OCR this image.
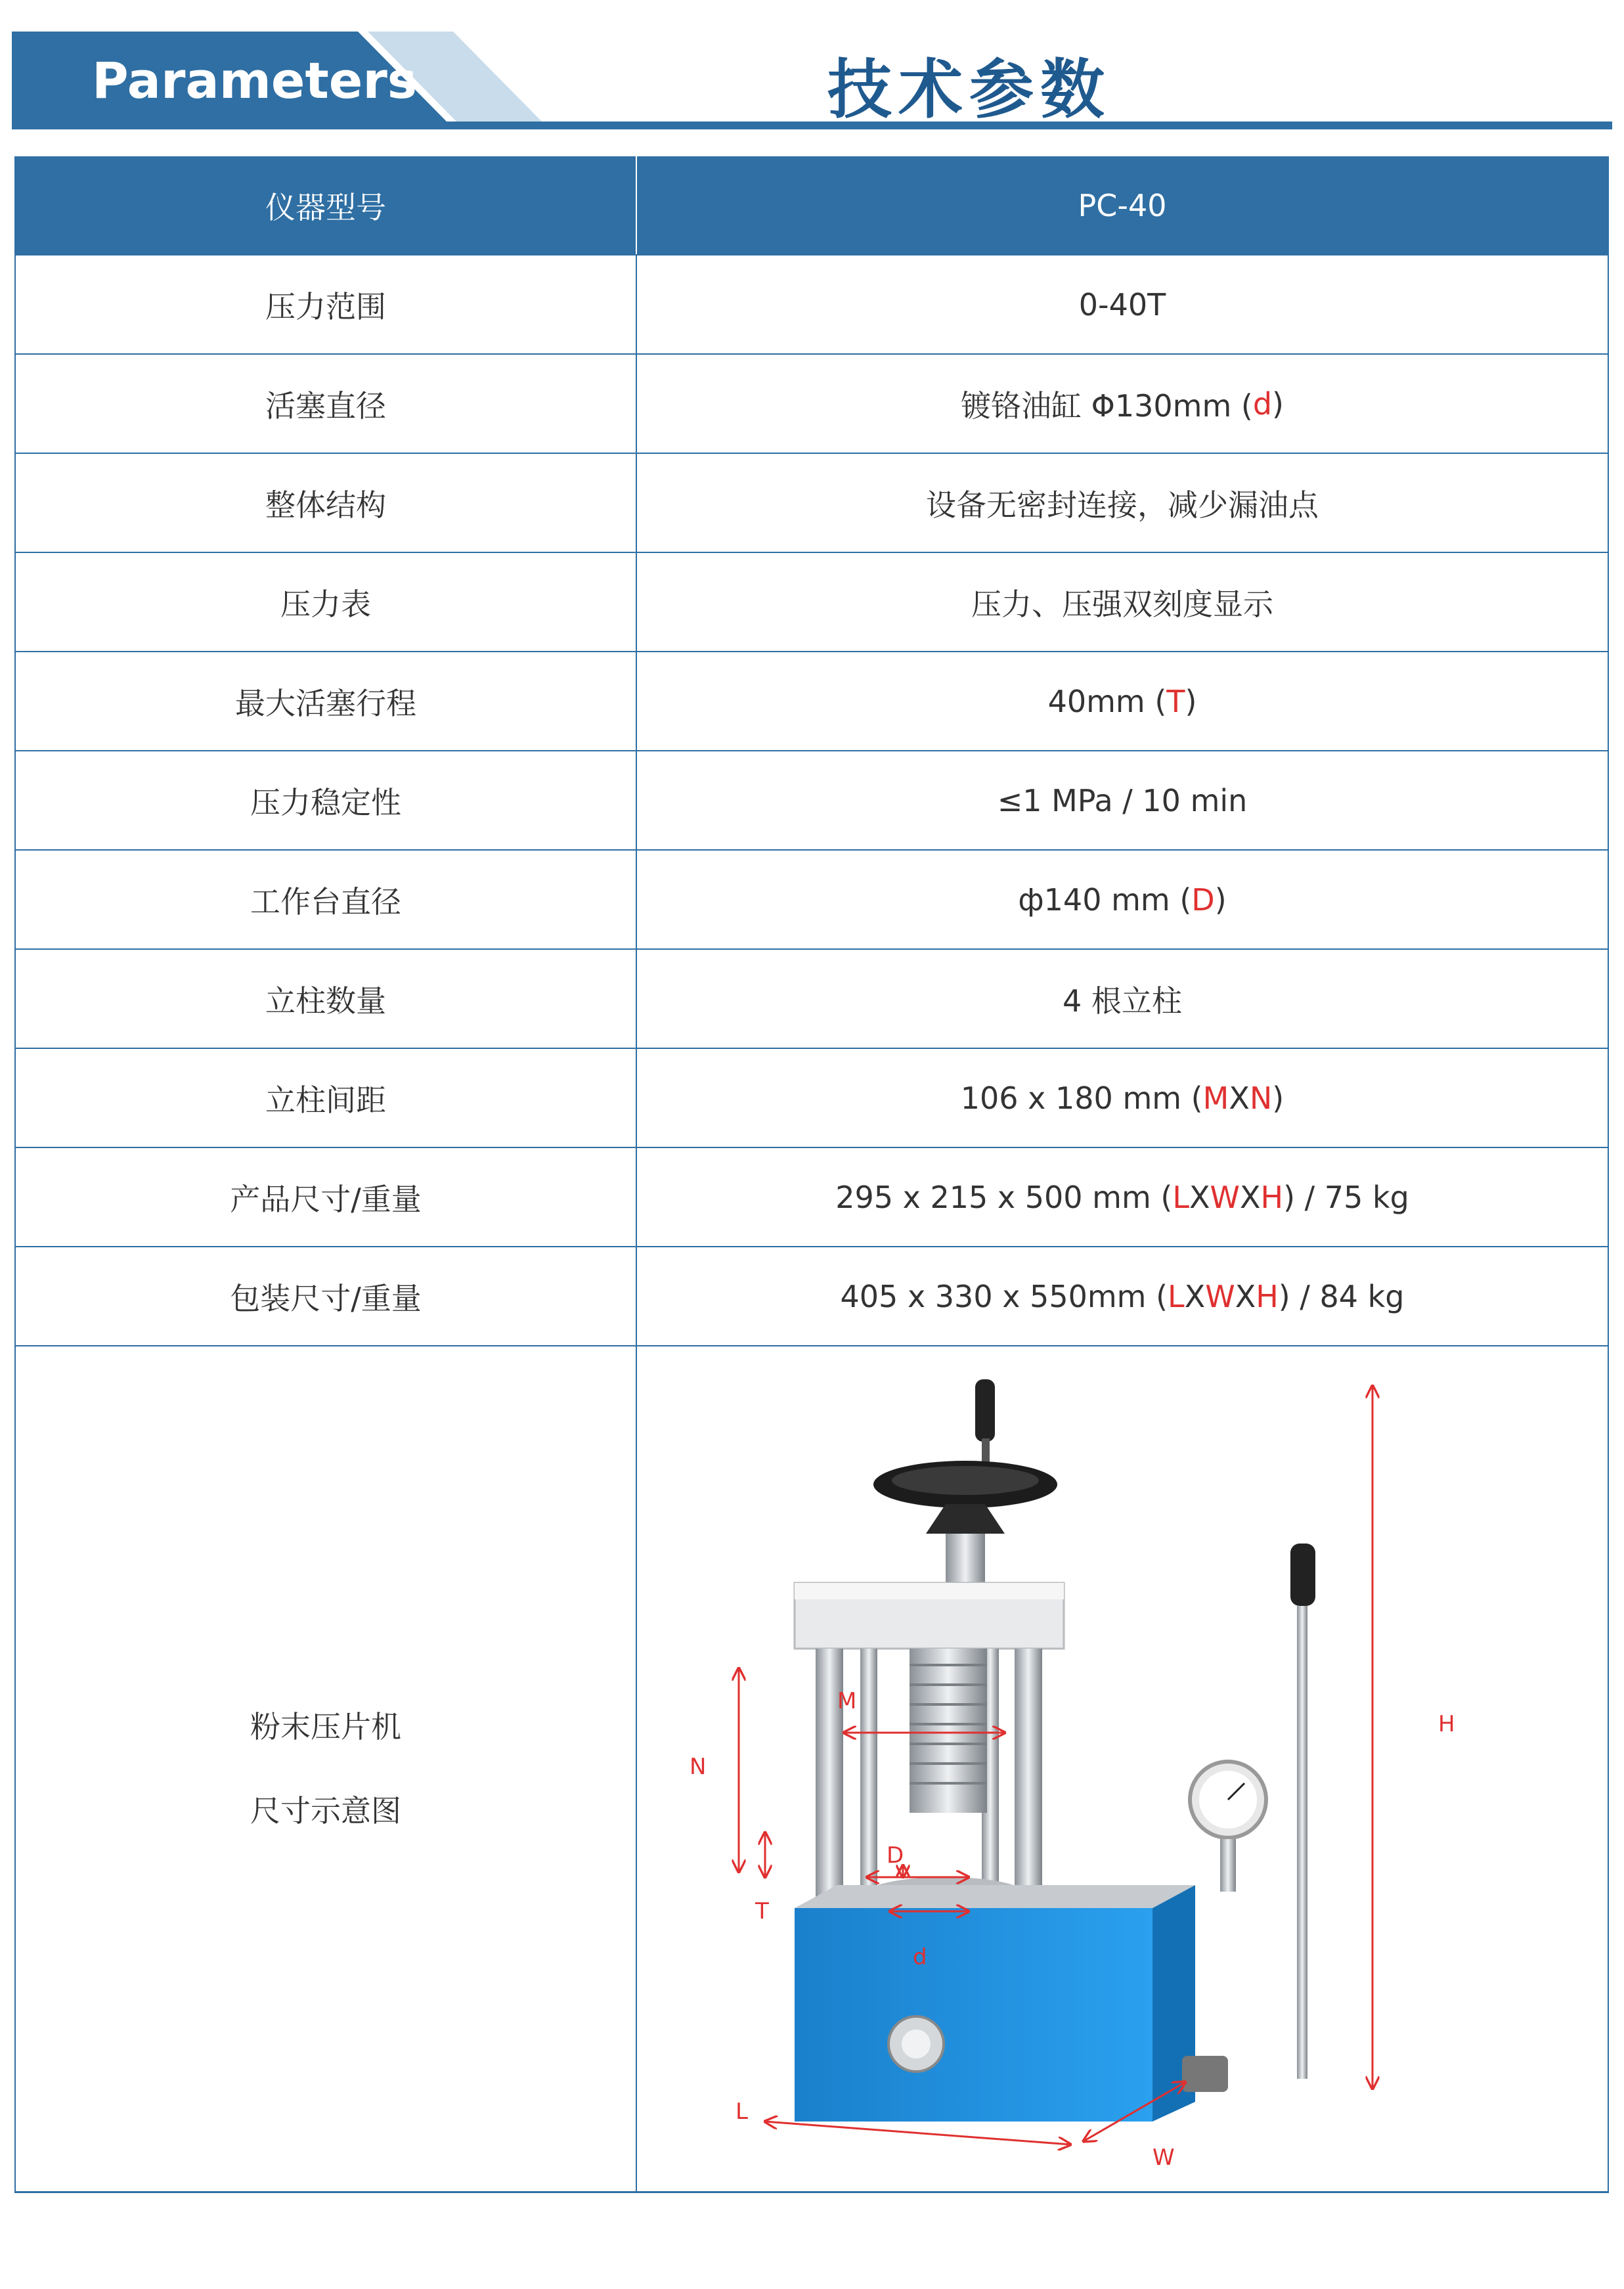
Parameters	技术参数
仪器型号	PC-40
压力范围	0-40T
活塞直径	镀铬油缸 Φ130mm ( d )
整体结构	设备无密封连接，减少漏油点
压力表	压力、压强双刻度显示
最大活塞行程	40mm ( T )
压力稳定性	≤1 MPa / 10 min
工作台直径	ф140 mm ( D )
立柱数量	4 根立柱
立柱间距	106 x 180 mm ( M X N )
产品尺寸/重量	295 x 215 x 500 mm ( L X W X H ) / 75 kg
包装尺寸/重量	405 x 330 x 550mm ( L X W X H ) / 84 kg
粉末压片机
尺寸示意图
H
M
N
D
T
d
L
W
